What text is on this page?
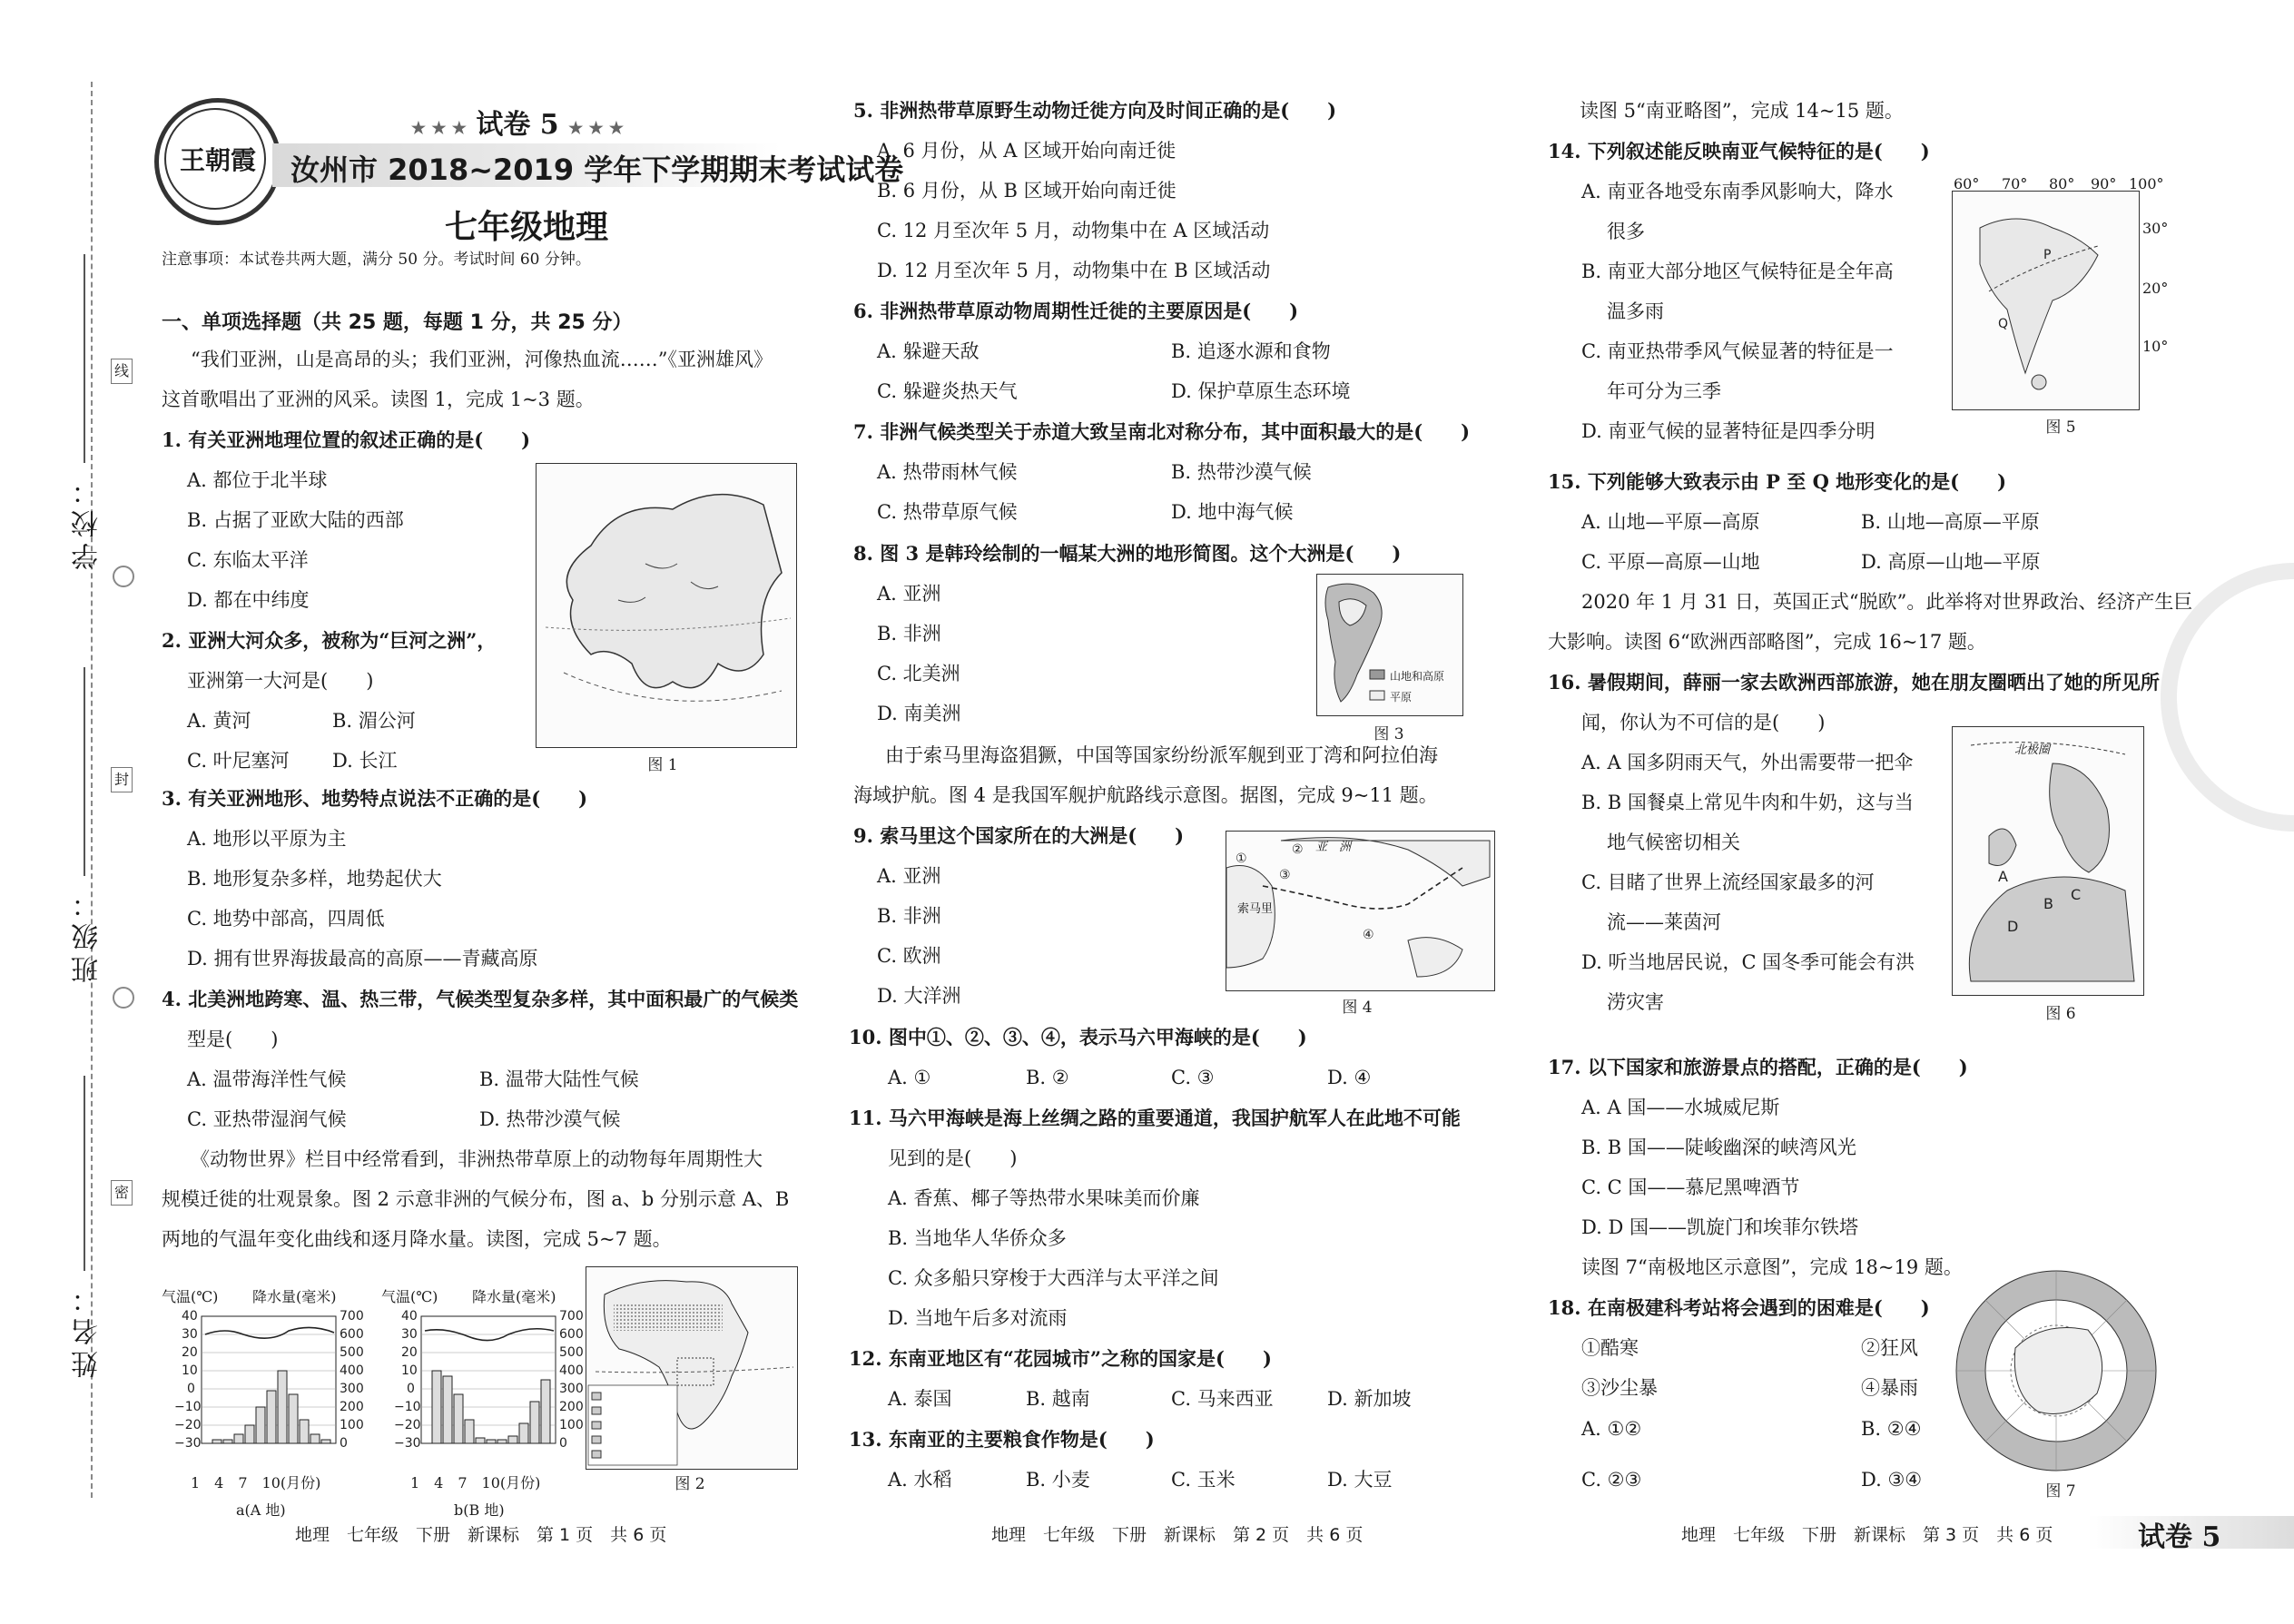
学校：
班级：
姓名：
线
封
密
王朝霞
★ ★ ★ 试卷 5 ★ ★ ★
汝州市 2018~2019 学年下学期期末考试试卷
七年级地理
注意事项：本试卷共两大题，满分 50 分。考试时间 60 分钟。
一、单项选择题（共 25 题，每题 1 分，共 25 分）
“我们亚洲，山是高昂的头；我们亚洲，河像热血流……”《亚洲雄风》
这首歌唱出了亚洲的风采。读图 1，完成 1~3 题。
1. 有关亚洲地理位置的叙述正确的是(　　)
A. 都位于北半球
B. 占据了亚欧大陆的西部
C. 东临太平洋
D. 都在中纬度
2. 亚洲大河众多，被称为“巨河之洲”，
亚洲第一大河是(　　)
A. 黄河	B. 湄公河
C. 叶尼塞河 D. 长江	图 1
3. 有关亚洲地形、地势特点说法不正确的是(　　)
A. 地形以平原为主
B. 地形复杂多样，地势起伏大
C. 地势中部高，四周低
D. 拥有世界海拔最高的高原——青藏高原
4. 北美洲地跨寒、温、热三带，气候类型复杂多样，其中面积最广的气候类
型是(　　)
A. 温带海洋性气候	B. 温带大陆性气候
C. 亚热带湿润气候	D. 热带沙漠气候
《动物世界》栏目中经常看到，非洲热带草原上的动物每年周期性大
规模迁徙的壮观景象。图 2 示意非洲的气候分布，图 a、b 分别示意 A、B
两地的气温年变化曲线和逐月降水量。读图，完成 5~7 题。
气温(℃) 降水量(毫米)
40
30
20
10
0
−10
−20
−30
700
600
500
400
300
200
100
0
1　4　7　10(月份)
a(A 地)
气温(℃) 降水量(毫米)
40
30
20
10
0
−10
−20
−30
700
600
500
400
300
200
100
0
1　4　7　10(月份)
b(B 地)
图 2
地理　七年级　下册　新课标　第 1 页　共 6 页
5. 非洲热带草原野生动物迁徙方向及时间正确的是(　　)
A. 6 月份，从 A 区域开始向南迁徙
B. 6 月份，从 B 区域开始向南迁徙
C. 12 月至次年 5 月，动物集中在 A 区域活动
D. 12 月至次年 5 月，动物集中在 B 区域活动
6. 非洲热带草原动物周期性迁徙的主要原因是(　　)
A. 躲避天敌	B. 追逐水源和食物
C. 躲避炎热天气	D. 保护草原生态环境
7. 非洲气候类型关于赤道大致呈南北对称分布，其中面积最大的是(　　)
A. 热带雨林气候	B. 热带沙漠气候
C. 热带草原气候	D. 地中海气候
8. 图 3 是韩玲绘制的一幅某大洲的地形简图。这个大洲是(　　)
A. 亚洲
B. 非洲
C. 北美洲
D. 南美洲
山地和高原
平原
图 3
由于索马里海盗猖獗，中国等国家纷纷派军舰到亚丁湾和阿拉伯海
海域护航。图 4 是我国军舰护航路线示意图。据图，完成 9~11 题。
9. 索马里这个国家所在的大洲是(　　)
A. 亚洲
B. 非洲
C. 欧洲
D. 大洋洲
①
②
③
④
亚　洲
索马里
图 4
10. 图中①、②、③、④，表示马六甲海峡的是(　　)
A. ①	B. ②	C. ③	D. ④
11. 马六甲海峡是海上丝绸之路的重要通道，我国护航军人在此地不可能
见到的是(　　)
A. 香蕉、椰子等热带水果味美而价廉
B. 当地华人华侨众多
C. 众多船只穿梭于大西洋与太平洋之间
D. 当地午后多对流雨
12. 东南亚地区有“花园城市”之称的国家是(　　)
A. 泰国	B. 越南	C. 马来西亚	D. 新加坡
13. 东南亚的主要粮食作物是(　　)
A. 水稻	B. 小麦	C. 玉米	D. 大豆
地理　七年级　下册　新课标　第 2 页　共 6 页
读图 5“南亚略图”，完成 14~15 题。
14. 下列叙述能反映南亚气候特征的是(　　)
A. 南亚各地受东南季风影响大，降水
很多
B. 南亚大部分地区气候特征是全年高
温多雨
C. 南亚热带季风气候显著的特征是一
年可分为三季
D. 南亚气候的显著特征是四季分明
P
Q
60° 70° 80° 90° 100°
30°
20°
10°
图 5
15. 下列能够大致表示由 P 至 Q 地形变化的是(　　)
A. 山地—平原—高原	B. 山地—高原—平原
C. 平原—高原—山地	D. 高原—山地—平原
2020 年 1 月 31 日，英国正式“脱欧”。此举将对世界政治、经济产生巨
大影响。读图 6“欧洲西部略图”，完成 16~17 题。
16. 暑假期间，薛丽一家去欧洲西部旅游，她在朋友圈晒出了她的所见所
闻，你认为不可信的是(　　)
A. A 国多阴雨天气，外出需要带一把伞
B. B 国餐桌上常见牛肉和牛奶，这与当
地气候密切相关
C. 目睹了世界上流经国家最多的河
流——莱茵河
D. 听当地居民说，C 国冬季可能会有洪
涝灾害
A
B
C
D
北极圈
图 6
17. 以下国家和旅游景点的搭配，正确的是(　　)
A. A 国——水城威尼斯
B. B 国——陡峻幽深的峡湾风光
C. C 国——慕尼黑啤酒节
D. D 国——凯旋门和埃菲尔铁塔
读图 7“南极地区示意图”，完成 18~19 题。
18. 在南极建科考站将会遇到的困难是(　　)
①酷寒	②狂风
③沙尘暴	④暴雨
A. ①②	B. ②④
C. ②③	D. ③④
图 7
地理　七年级　下册　新课标　第 3 页　共 6 页	试卷 5
